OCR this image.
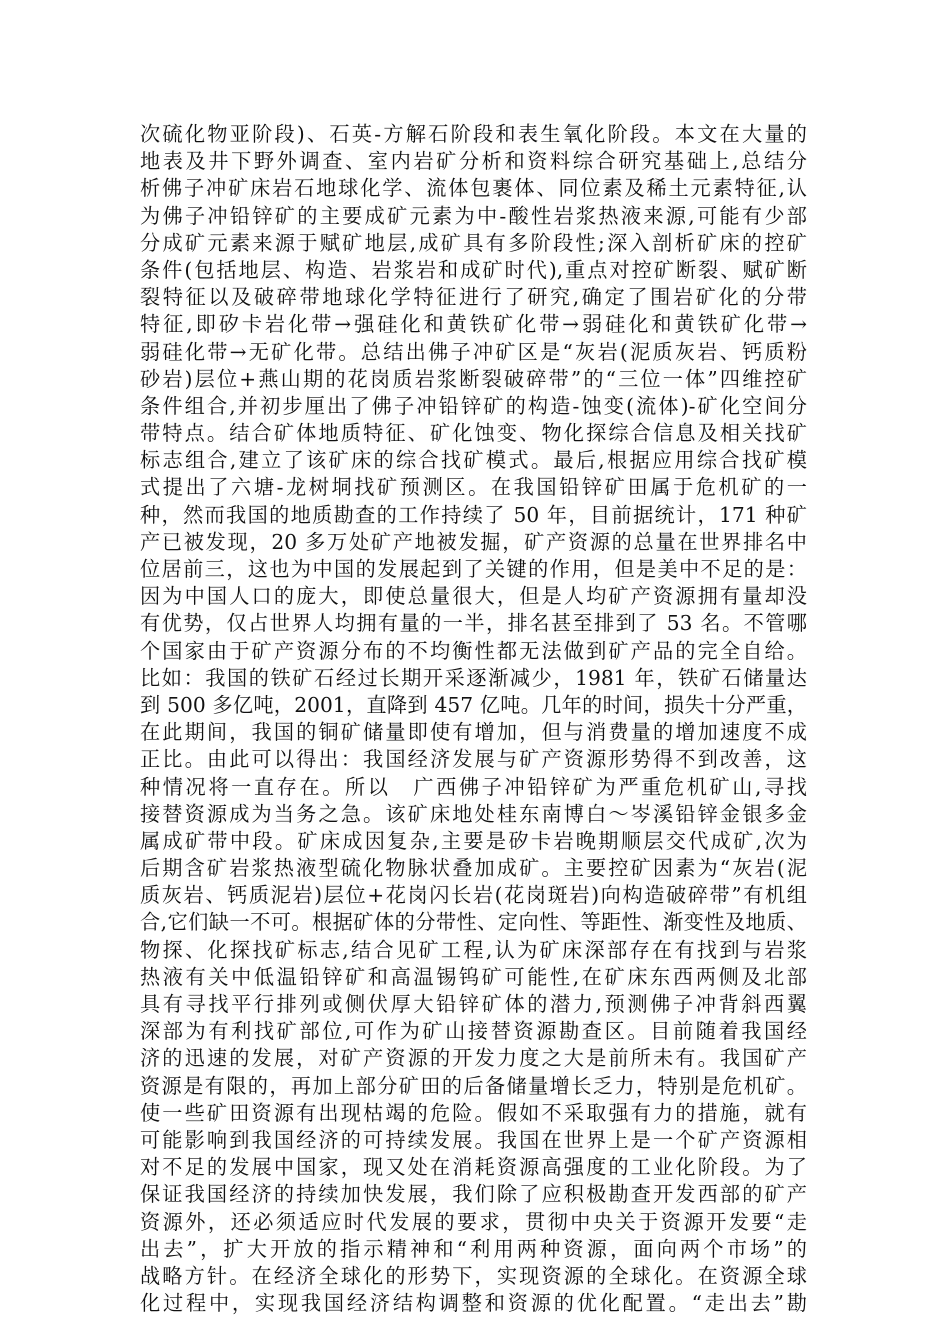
次硫化物亚阶段)、石英-方解石阶段和表生氧化阶段。本文在大量的
地表及井下野外调查、室内岩矿分析和资料综合研究基础上,总结分
析佛子冲矿床岩石地球化学、流体包裹体、同位素及稀土元素特征,认
为佛子冲铅锌矿的主要成矿元素为中-酸性岩浆热液来源,可能有少部
分成矿元素来源于赋矿地层,成矿具有多阶段性;深入剖析矿床的控矿
条件(包括地层、构造、岩浆岩和成矿时代),重点对控矿断裂、赋矿断
裂特征以及破碎带地球化学特征进行了研究,确定了围岩矿化的分带
特征,即矽卡岩化带→强硅化和黄铁矿化带→弱硅化和黄铁矿化带→
弱硅化带→无矿化带。总结出佛子冲矿区是“灰岩(泥质灰岩、钙质粉
砂岩)层位+燕山期的花岗质岩浆断裂破碎带”的“三位一体”四维控矿
条件组合,并初步厘出了佛子冲铅锌矿的构造-蚀变(流体)-矿化空间分
带特点。结合矿体地质特征、矿化蚀变、物化探综合信息及相关找矿
标志组合,建立了该矿床的综合找矿模式。最后,根据应用综合找矿模
式提出了六塘-龙树垌找矿预测区。在我国铅锌矿田属于危机矿的一
种，然而我国的地质勘查的工作持续了 50 年，目前据统计，171 种矿
产已被发现，20 多万处矿产地被发掘，矿产资源的总量在世界排名中
位居前三，这也为中国的发展起到了关键的作用，但是美中不足的是：
因为中国人口的庞大，即使总量很大，但是人均矿产资源拥有量却没
有优势，仅占世界人均拥有量的一半，排名甚至排到了 53 名。不管哪
个国家由于矿产资源分布的不均衡性都无法做到矿产品的完全自给。
比如：我国的铁矿石经过长期开采逐渐减少，1981 年，铁矿石储量达
到 500 多亿吨，2001，直降到 457 亿吨。几年的时间，损失十分严重，
在此期间，我国的铜矿储量即使有增加，但与消费量的增加速度不成
正比。由此可以得出：我国经济发展与矿产资源形势得不到改善，这
种情况将一直存在。所以　广西佛子冲铅锌矿为严重危机矿山,寻找
接替资源成为当务之急。该矿床地处桂东南博白～岑溪铅锌金银多金
属成矿带中段。矿床成因复杂,主要是矽卡岩晚期顺层交代成矿,次为
后期含矿岩浆热液型硫化物脉状叠加成矿。主要控矿因素为“灰岩(泥
质灰岩、钙质泥岩)层位+花岗闪长岩(花岗斑岩)向构造破碎带”有机组
合,它们缺一不可。根据矿体的分带性、定向性、等距性、渐变性及地质、
物探、化探找矿标志,结合见矿工程,认为矿床深部存在有找到与岩浆
热液有关中低温铅锌矿和高温锡钨矿可能性,在矿床东西两侧及北部
具有寻找平行排列或侧伏厚大铅锌矿体的潜力,预测佛子冲背斜西翼
深部为有利找矿部位,可作为矿山接替资源勘查区。目前随着我国经
济的迅速的发展，对矿产资源的开发力度之大是前所未有。我国矿产
资源是有限的，再加上部分矿田的后备储量增长乏力，特别是危机矿。
使一些矿田资源有出现枯竭的危险。假如不采取强有力的措施，就有
可能影响到我国经济的可持续发展。我国在世界上是一个矿产资源相
对不足的发展中国家，现又处在消耗资源高强度的工业化阶段。为了
保证我国经济的持续加快发展，我们除了应积极勘查开发西部的矿产
资源外，还必须适应时代发展的要求，贯彻中央关于资源开发要“走
出去”，扩大开放的指示精神和“利用两种资源，面向两个市场”的
战略方针。在经济全球化的形势下，实现资源的全球化。在资源全球
化过程中，实现我国经济结构调整和资源的优化配置。“走出去”勘
